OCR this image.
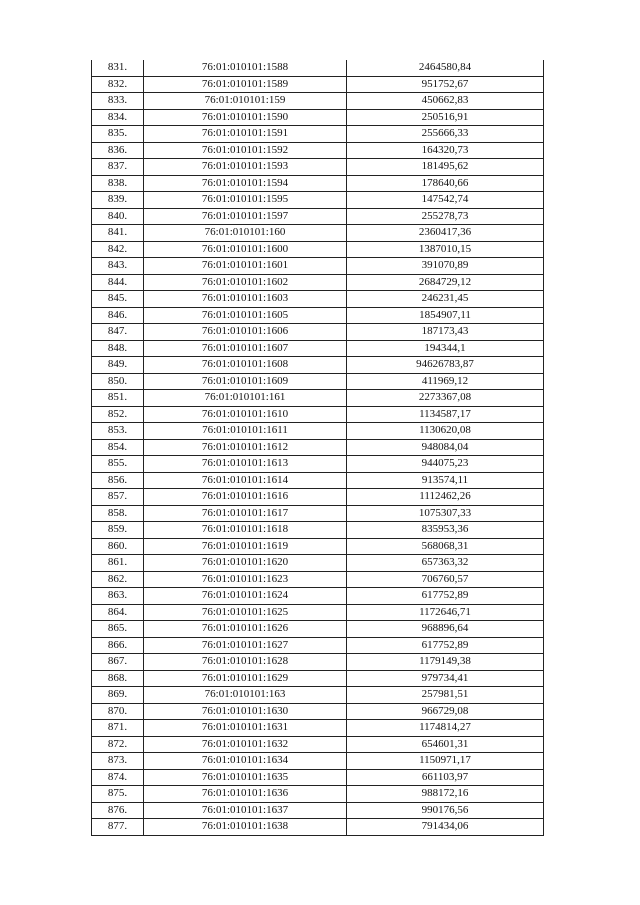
831.	76:01:010101:1588	2464580,84
832.	76:01:010101:1589	951752,67
833.	76:01:010101:159	450662,83
834.	76:01:010101:1590	250516,91
835.	76:01:010101:1591	255666,33
836.	76:01:010101:1592	164320,73
837.	76:01:010101:1593	181495,62
838.	76:01:010101:1594	178640,66
839.	76:01:010101:1595	147542,74
840.	76:01:010101:1597	255278,73
841.	76:01:010101:160	2360417,36
842.	76:01:010101:1600	1387010,15
843.	76:01:010101:1601	391070,89
844.	76:01:010101:1602	2684729,12
845.	76:01:010101:1603	246231,45
846.	76:01:010101:1605	1854907,11
847.	76:01:010101:1606	187173,43
848.	76:01:010101:1607	194344,1
849.	76:01:010101:1608	94626783,87
850.	76:01:010101:1609	411969,12
851.	76:01:010101:161	2273367,08
852.	76:01:010101:1610	1134587,17
853.	76:01:010101:1611	1130620,08
854.	76:01:010101:1612	948084,04
855.	76:01:010101:1613	944075,23
856.	76:01:010101:1614	913574,11
857.	76:01:010101:1616	1112462,26
858.	76:01:010101:1617	1075307,33
859.	76:01:010101:1618	835953,36
860.	76:01:010101:1619	568068,31
861.	76:01:010101:1620	657363,32
862.	76:01:010101:1623	706760,57
863.	76:01:010101:1624	617752,89
864.	76:01:010101:1625	1172646,71
865.	76:01:010101:1626	968896,64
866.	76:01:010101:1627	617752,89
867.	76:01:010101:1628	1179149,38
868.	76:01:010101:1629	979734,41
869.	76:01:010101:163	257981,51
870.	76:01:010101:1630	966729,08
871.	76:01:010101:1631	1174814,27
872.	76:01:010101:1632	654601,31
873.	76:01:010101:1634	1150971,17
874.	76:01:010101:1635	661103,97
875.	76:01:010101:1636	988172,16
876.	76:01:010101:1637	990176,56
877.	76:01:010101:1638	791434,06
